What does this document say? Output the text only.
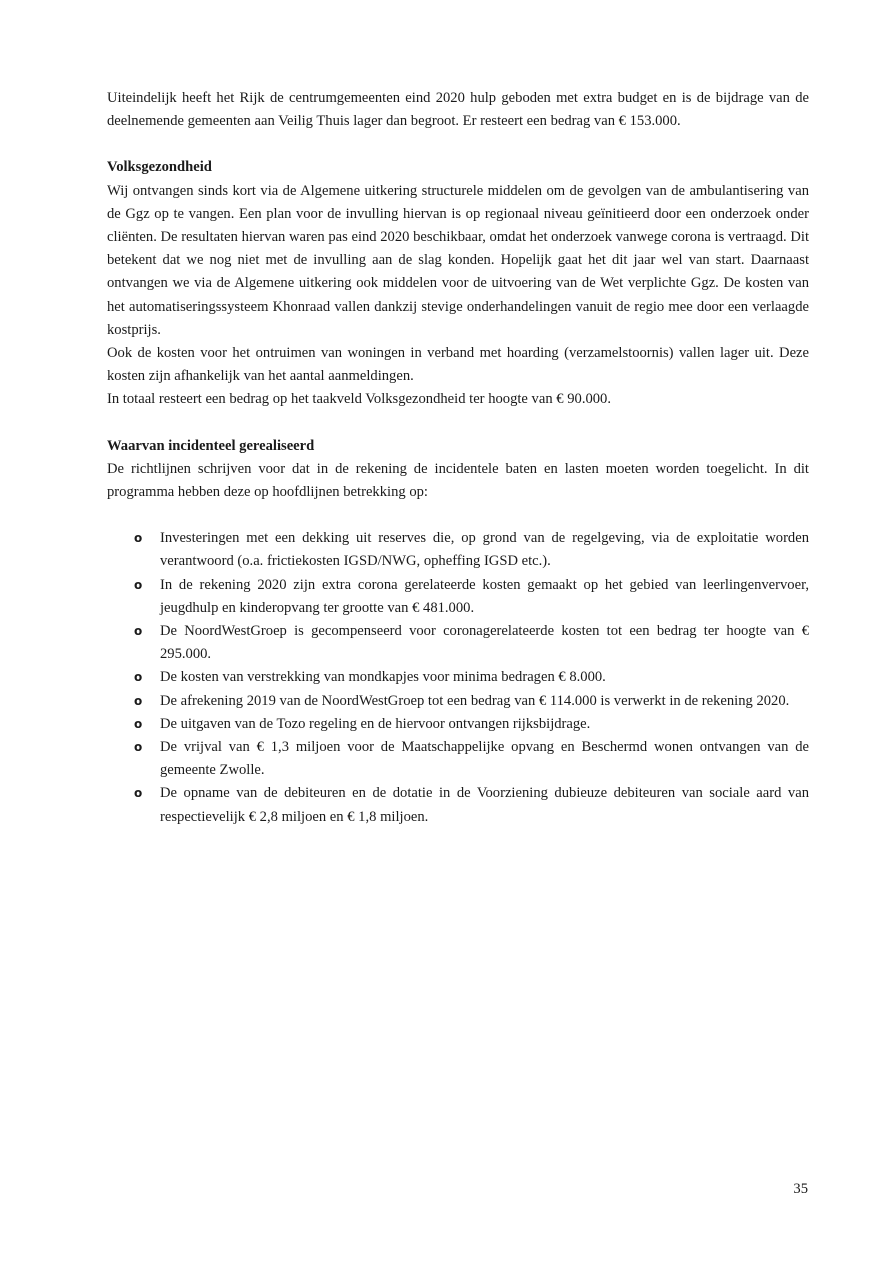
Uiteindelijk heeft het Rijk de centrumgemeenten eind 2020 hulp geboden met extra budget en is de bijdrage van de deelnemende gemeenten aan Veilig Thuis lager dan begroot. Er resteert een bedrag van € 153.000.

Volksgezondheid

Wij ontvangen sinds kort via de Algemene uitkering structurele middelen om de gevolgen van de ambulantisering van de Ggz op te vangen. Een plan voor de invulling hiervan is op regionaal niveau geïnitieerd door een onderzoek onder cliënten. De resultaten hiervan waren pas eind 2020 beschikbaar, omdat het onderzoek vanwege corona is vertraagd. Dit betekent dat we nog niet met de invulling aan de slag konden. Hopelijk gaat het dit jaar wel van start. Daarnaast ontvangen we via de Algemene uitkering ook middelen voor de uitvoering van de Wet verplichte Ggz. De kosten van het automatiseringssysteem Khonraad vallen dankzij stevige onderhandelingen vanuit de regio mee door een verlaagde kostprijs.

Ook de kosten voor het ontruimen van woningen in verband met hoarding (verzamelstoornis) vallen lager uit. Deze kosten zijn afhankelijk van het aantal aanmeldingen.

In totaal resteert een bedrag op het taakveld Volksgezondheid ter hoogte van € 90.000.

Waarvan incidenteel gerealiseerd

De richtlijnen schrijven voor dat in de rekening de incidentele baten en lasten moeten worden toegelicht. In dit programma hebben deze op hoofdlijnen betrekking op:

o Investeringen met een dekking uit reserves die, op grond van de regelgeving, via de exploitatie worden verantwoord (o.a. frictiekosten IGSD/NWG, opheffing IGSD etc.).
o In de rekening 2020 zijn extra corona gerelateerde kosten gemaakt op het gebied van leerlingenvervoer, jeugdhulp en kinderopvang ter grootte van € 481.000.
o De NoordWestGroep is gecompenseerd voor coronagerelateerde kosten tot een bedrag ter hoogte van € 295.000.
o De kosten van verstrekking van mondkapjes voor minima bedragen € 8.000.
o De afrekening 2019 van de NoordWestGroep tot een bedrag van € 114.000 is verwerkt in de rekening 2020.
o De uitgaven van de Tozo regeling en de hiervoor ontvangen rijksbijdrage.
o De vrijval van € 1,3 miljoen voor de Maatschappelijke opvang en Beschermd wonen ontvangen van de gemeente Zwolle.
o De opname van de debiteuren en de dotatie in de Voorziening dubieuze debiteuren van sociale aard van respectievelijk € 2,8 miljoen en € 1,8 miljoen.
35
